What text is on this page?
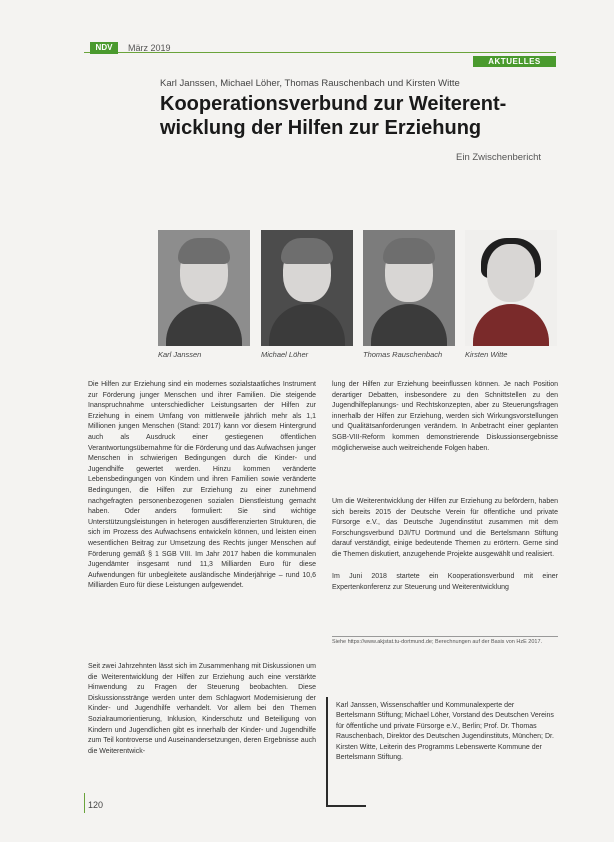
NDV	März 2019
AKTUELLES
Karl Janssen, Michael Löher, Thomas Rauschenbach und Kirsten Witte
Kooperationsverbund zur Weiterent-
wicklung der Hilfen zur Erziehung
Ein Zwischenbericht
Karl Janssen	Michael Löher	Thomas Rauschenbach	Kirsten Witte

Die Hilfen zur Erziehung sind ein modernes sozialstaatliches Instrument zur Förderung junger Menschen und ihrer Familien. Die steigende Inanspruchnahme unterschiedlicher Leistungsarten der Hilfen zur Erziehung in einem Umfang von mittlerweile jährlich mehr als 1,1 Millionen jungen Menschen (Stand: 2017) kann vor diesem Hintergrund auch als Ausdruck einer gestiegenen öffentlichen Verantwortungsübernahme für die Förderung und das Aufwachsen junger Menschen in schwierigen Bedingungen durch die Kinder- und Jugendhilfe gewertet werden. Hinzu kommen veränderte Lebensbedingungen von Kindern und ihren Familien sowie veränderte Bedingungen, die Hilfen zur Erziehung zu einer zunehmend nachgefragten personenbezogenen sozialen Dienstleistung gemacht haben. Oder anders formuliert: Sie sind wichtige Unterstützungsleistungen in heterogen ausdifferenzierten Strukturen, die sich im Prozess des Aufwachsens entwickeln können, und leisten einen wesentlichen Beitrag zur Umsetzung des Rechts junger Menschen auf Förderung gemäß § 1 SGB VIII. Im Jahr 2017 haben die kommunalen Jugendämter insgesamt rund 11,3 Milliarden Euro für diese Aufwendungen für unbegleitete ausländische Minderjährige – rund 10,6 Milliarden Euro für diese Leistungen aufgewendet.

Seit zwei Jahrzehnten lässt sich im Zusammenhang mit Diskussionen um die Weiterentwicklung der Hilfen zur Erziehung auch eine verstärkte Hinwendung zu Fragen der Steuerung beobachten. Diese Diskussionsstränge werden unter dem Schlagwort Modernisierung der Kinder- und Jugendhilfe verhandelt. Vor allem bei den Themen Sozialraumorientierung, Inklusion, Kinderschutz und Beteiligung von Kindern und Jugendlichen gibt es innerhalb der Kinder- und Jugendhilfe zum Teil kontroverse und Auseinandersetzungen, deren Ergebnisse auch die Weiterentwick-

lung der Hilfen zur Erziehung beeinflussen können. Je nach Position derartiger Debatten, insbesondere zu den Schnittstellen zu den Jugendhilfeplanungs- und Rechtskonzepten, aber zu Steuerungsfragen innerhalb der Hilfen zur Erziehung, werden sich Wirkungsvorstellungen und Qualitätsanforderungen verändern. In Anbetracht einer geplanten SGB-VIII-Reform kommen demonstrierende Diskussionsergebnisse möglicherweise auch weitreichende Folgen haben.

Um die Weiterentwicklung der Hilfen zur Erziehung zu befördern, haben sich bereits 2015 der Deutsche Verein für öffentliche und private Fürsorge e.V., das Deutsche Jugendinstitut zusammen mit dem Forschungsverbund DJI/TU Dortmund und die Bertelsmann Stiftung darauf verständigt, einige bedeutende Themen zu erörtern. Gerne sind die Themen diskutiert, anzugehende Projekte ausgewählt und realisiert.

Im Juni 2018 startete ein Kooperationsverbund mit einer Expertenkonferenz zur Steuerung und Weiterentwicklung

Siehe https://www.akjstat.tu-dortmund.de; Berechnungen auf der Basis von HzE 2017.

Karl Janssen, Wissenschaftler und Kommunalexperte der Bertelsmann Stiftung; Michael Löher, Vorstand des Deutschen Vereins für öffentliche und private Fürsorge e.V., Berlin; Prof. Dr. Thomas Rauschenbach, Direktor des Deutschen Jugendinstituts, München; Dr. Kirsten Witte, Leiterin des Programms Lebenswerte Kommune der Bertelsmann Stiftung.

120
